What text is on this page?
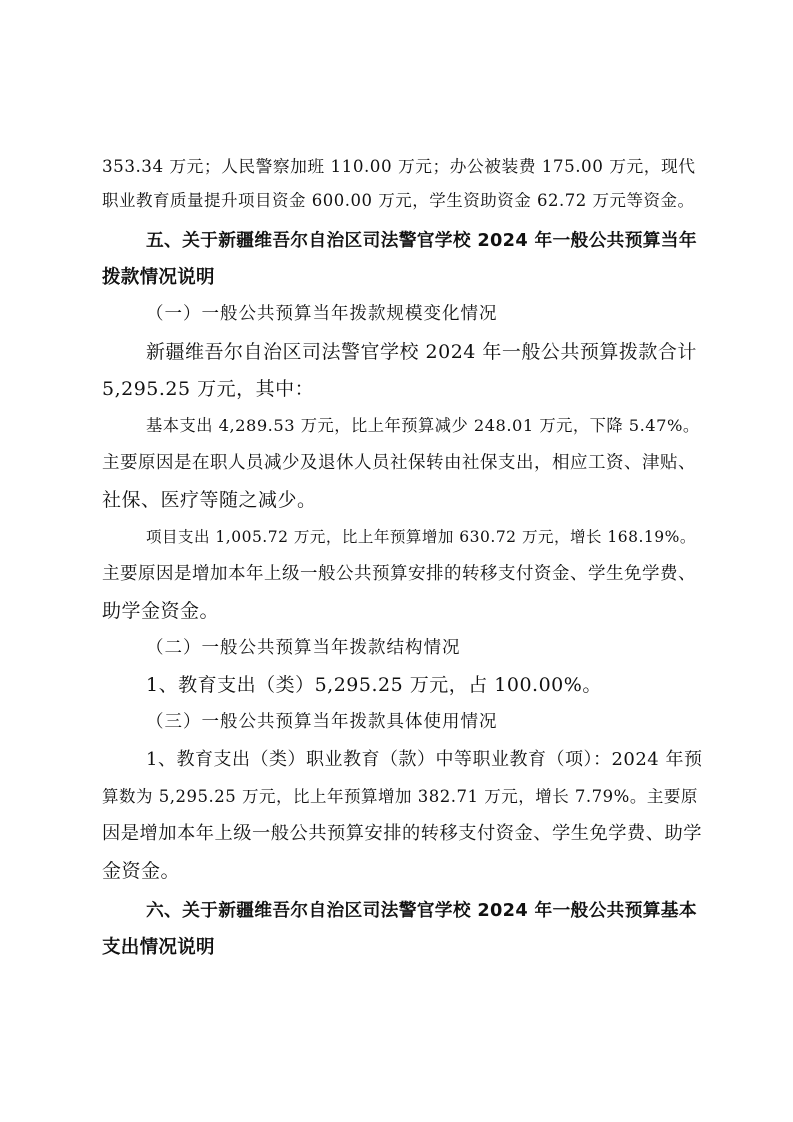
353.34 万元；人民警察加班 110.00 万元；办公被装费 175.00 万元，现代
职业教育质量提升项目资金 600.00 万元，学生资助资金 62.72 万元等资金。
五、关于新疆维吾尔自治区司法警官学校 2024 年一般公共预算当年
拨款情况说明
（一）一般公共预算当年拨款规模变化情况
新疆维吾尔自治区司法警官学校 2024 年一般公共预算拨款合计
5,295.25 万元，其中：
基本支出 4,289.53 万元，比上年预算减少 248.01 万元，下降 5.47%。
主要原因是在职人员减少及退休人员社保转由社保支出，相应工资、津贴、
社保、医疗等随之减少。
项目支出 1,005.72 万元，比上年预算增加 630.72 万元，增长 168.19%。
主要原因是增加本年上级一般公共预算安排的转移支付资金、学生免学费、
助学金资金。
（二）一般公共预算当年拨款结构情况
1、教育支出（类）5,295.25 万元，占 100.00%。
（三）一般公共预算当年拨款具体使用情况
1、教育支出（类）职业教育（款）中等职业教育（项）：2024 年预
算数为 5,295.25 万元，比上年预算增加 382.71 万元，增长 7.79%。主要原
因是增加本年上级一般公共预算安排的转移支付资金、学生免学费、助学
金资金。
六、关于新疆维吾尔自治区司法警官学校 2024 年一般公共预算基本
支出情况说明
